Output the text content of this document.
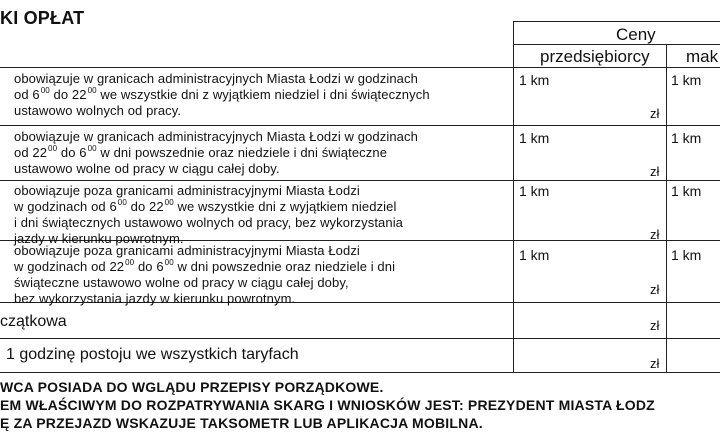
KI OPŁAT
Ceny
przedsiębiorcy mak
obowiązuje w granicach administracyjnych Miasta Łodzi w godzinach
od $6^{00}$ do $22^{00}$ we wszystkie dni z wyjątkiem niedziel i dni świątecznych
ustawowo wolnych od pracy.
1 km
zł
1 km
obowiązuje w granicach administracyjnych Miasta Łodzi w godzinach
od $22^{00}$ do $6^{00}$ w dni powszednie oraz niedziele i dni świąteczne
ustawowo wolne od pracy w ciągu całej doby.
1 km
zł
1 km
obowiązuje poza granicami administracyjnymi Miasta Łodzi
w godzinach od $6^{00}$ do $22^{00}$ we wszystkie dni z wyjątkiem niedziel
i dni świątecznych ustawowo wolnych od pracy, bez wykorzystania
jazdy w kierunku powrotnym.
1 km
zł
1 km
obowiązuje poza granicami administracyjnymi Miasta Łodzi
w godzinach od $22^{00}$ do $6^{00}$ w dni powszednie oraz niedziele i dni
świąteczne ustawowo wolne od pracy w ciągu całej doby,
bez wykorzystania jazdy w kierunku powrotnym.
1 km
zł
1 km
czątkowa	zł
1 godzinę postoju we wszystkich taryfach
zł
WCA POSIADA DO WGLĄDU PRZEPISY PORZĄDKOWE.
EM WŁAŚCIWYM DO ROZPATRYWANIA SKARG I WNIOSKÓW JEST: PREZYDENT MIASTA ŁODZ
Ę ZA PRZEJAZD WSKAZUJE TAKSOMETR LUB APLIKACJA MOBILNA.
